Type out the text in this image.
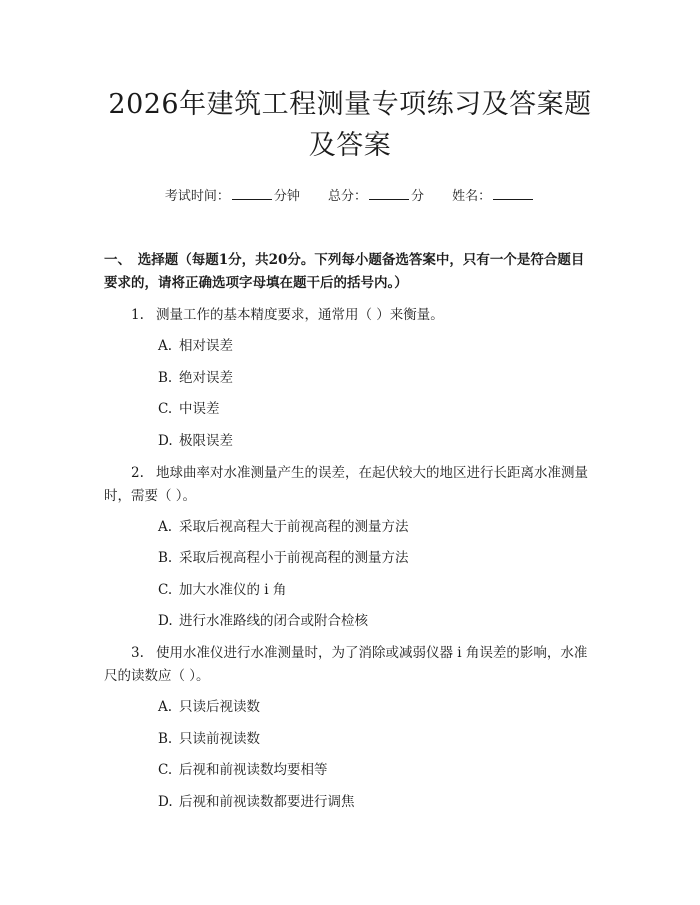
2026年建筑工程测量专项练习及答案题及答案
考试时间：	分钟 总分：	分 姓名：
一、　选择题（每题1分，共20分。下列每小题备选答案中，只有一个是符合题目要求的，请将正确选项字母填在题干后的括号内。）
1. 测量工作的基本精度要求，通常用（ ）来衡量。
A. 相对误差
B. 绝对误差
C. 中误差
D. 极限误差
2. 地球曲率对水准测量产生的误差，在起伏较大的地区进行长距离水准测量时，需要（ ）。
A. 采取后视高程大于前视高程的测量方法
B. 采取后视高程小于前视高程的测量方法
C. 加大水准仪的 i 角
D. 进行水准路线的闭合或附合检核
3. 使用水准仪进行水准测量时，为了消除或减弱仪器 i 角误差的影响，水准尺的读数应（ ）。
A. 只读后视读数
B. 只读前视读数
C. 后视和前视读数均要相等
D. 后视和前视读数都要进行调焦
